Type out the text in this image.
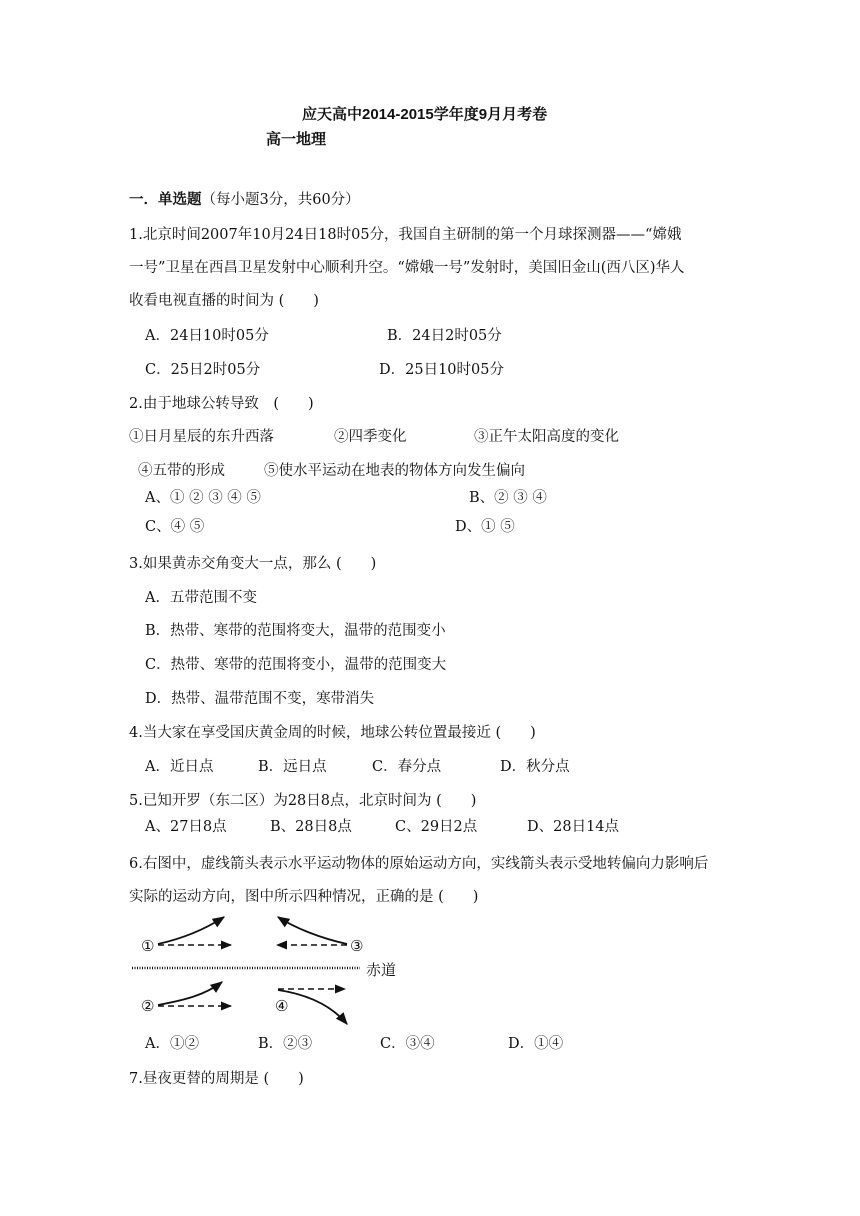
应天高中2014-2015学年度9月月考卷
高一地理
一．单选题（每小题3分，共60分）
1.北京时间2007年10月24日18时05分，我国自主研制的第一个月球探测器——“嫦娥
一号”卫星在西昌卫星发射中心顺利升空。“嫦娥一号”发射时，美国旧金山(西八区)华人
收看电视直播的时间为 (　　)
A．24日10时05分	B．24日2时05分
C．25日2时05分	D．25日10时05分
2.由于地球公转导致　(　　)
①日月星辰的东升西落	②四季变化	③正午太阳高度的变化
④五带的形成	⑤使水平运动在地表的物体方向发生偏向
A、① ② ③ ④ ⑤	B、② ③ ④
C、④ ⑤	D、① ⑤
3.如果黄赤交角变大一点，那么 (　　)
A．五带范围不变
B．热带、寒带的范围将变大，温带的范围变小
C．热带、寒带的范围将变小，温带的范围变大
D．热带、温带范围不变，寒带消失
4.当大家在享受国庆黄金周的时候，地球公转位置最接近 (　　)
A．近日点	B．远日点	C．春分点	D．秋分点
5.已知开罗（东二区）为28日8点，北京时间为 (　　)
A、27日8点	B、28日8点	C、29日2点	D、28日14点
6.右图中，虚线箭头表示水平运动物体的原始运动方向，实线箭头表示受地转偏向力影响后
实际的运动方向，图中所示四种情况，正确的是 (　　)
赤道
①	③
②	④
A．①②	B．②③	C．③④	D．①④
7.昼夜更替的周期是 (　　)
